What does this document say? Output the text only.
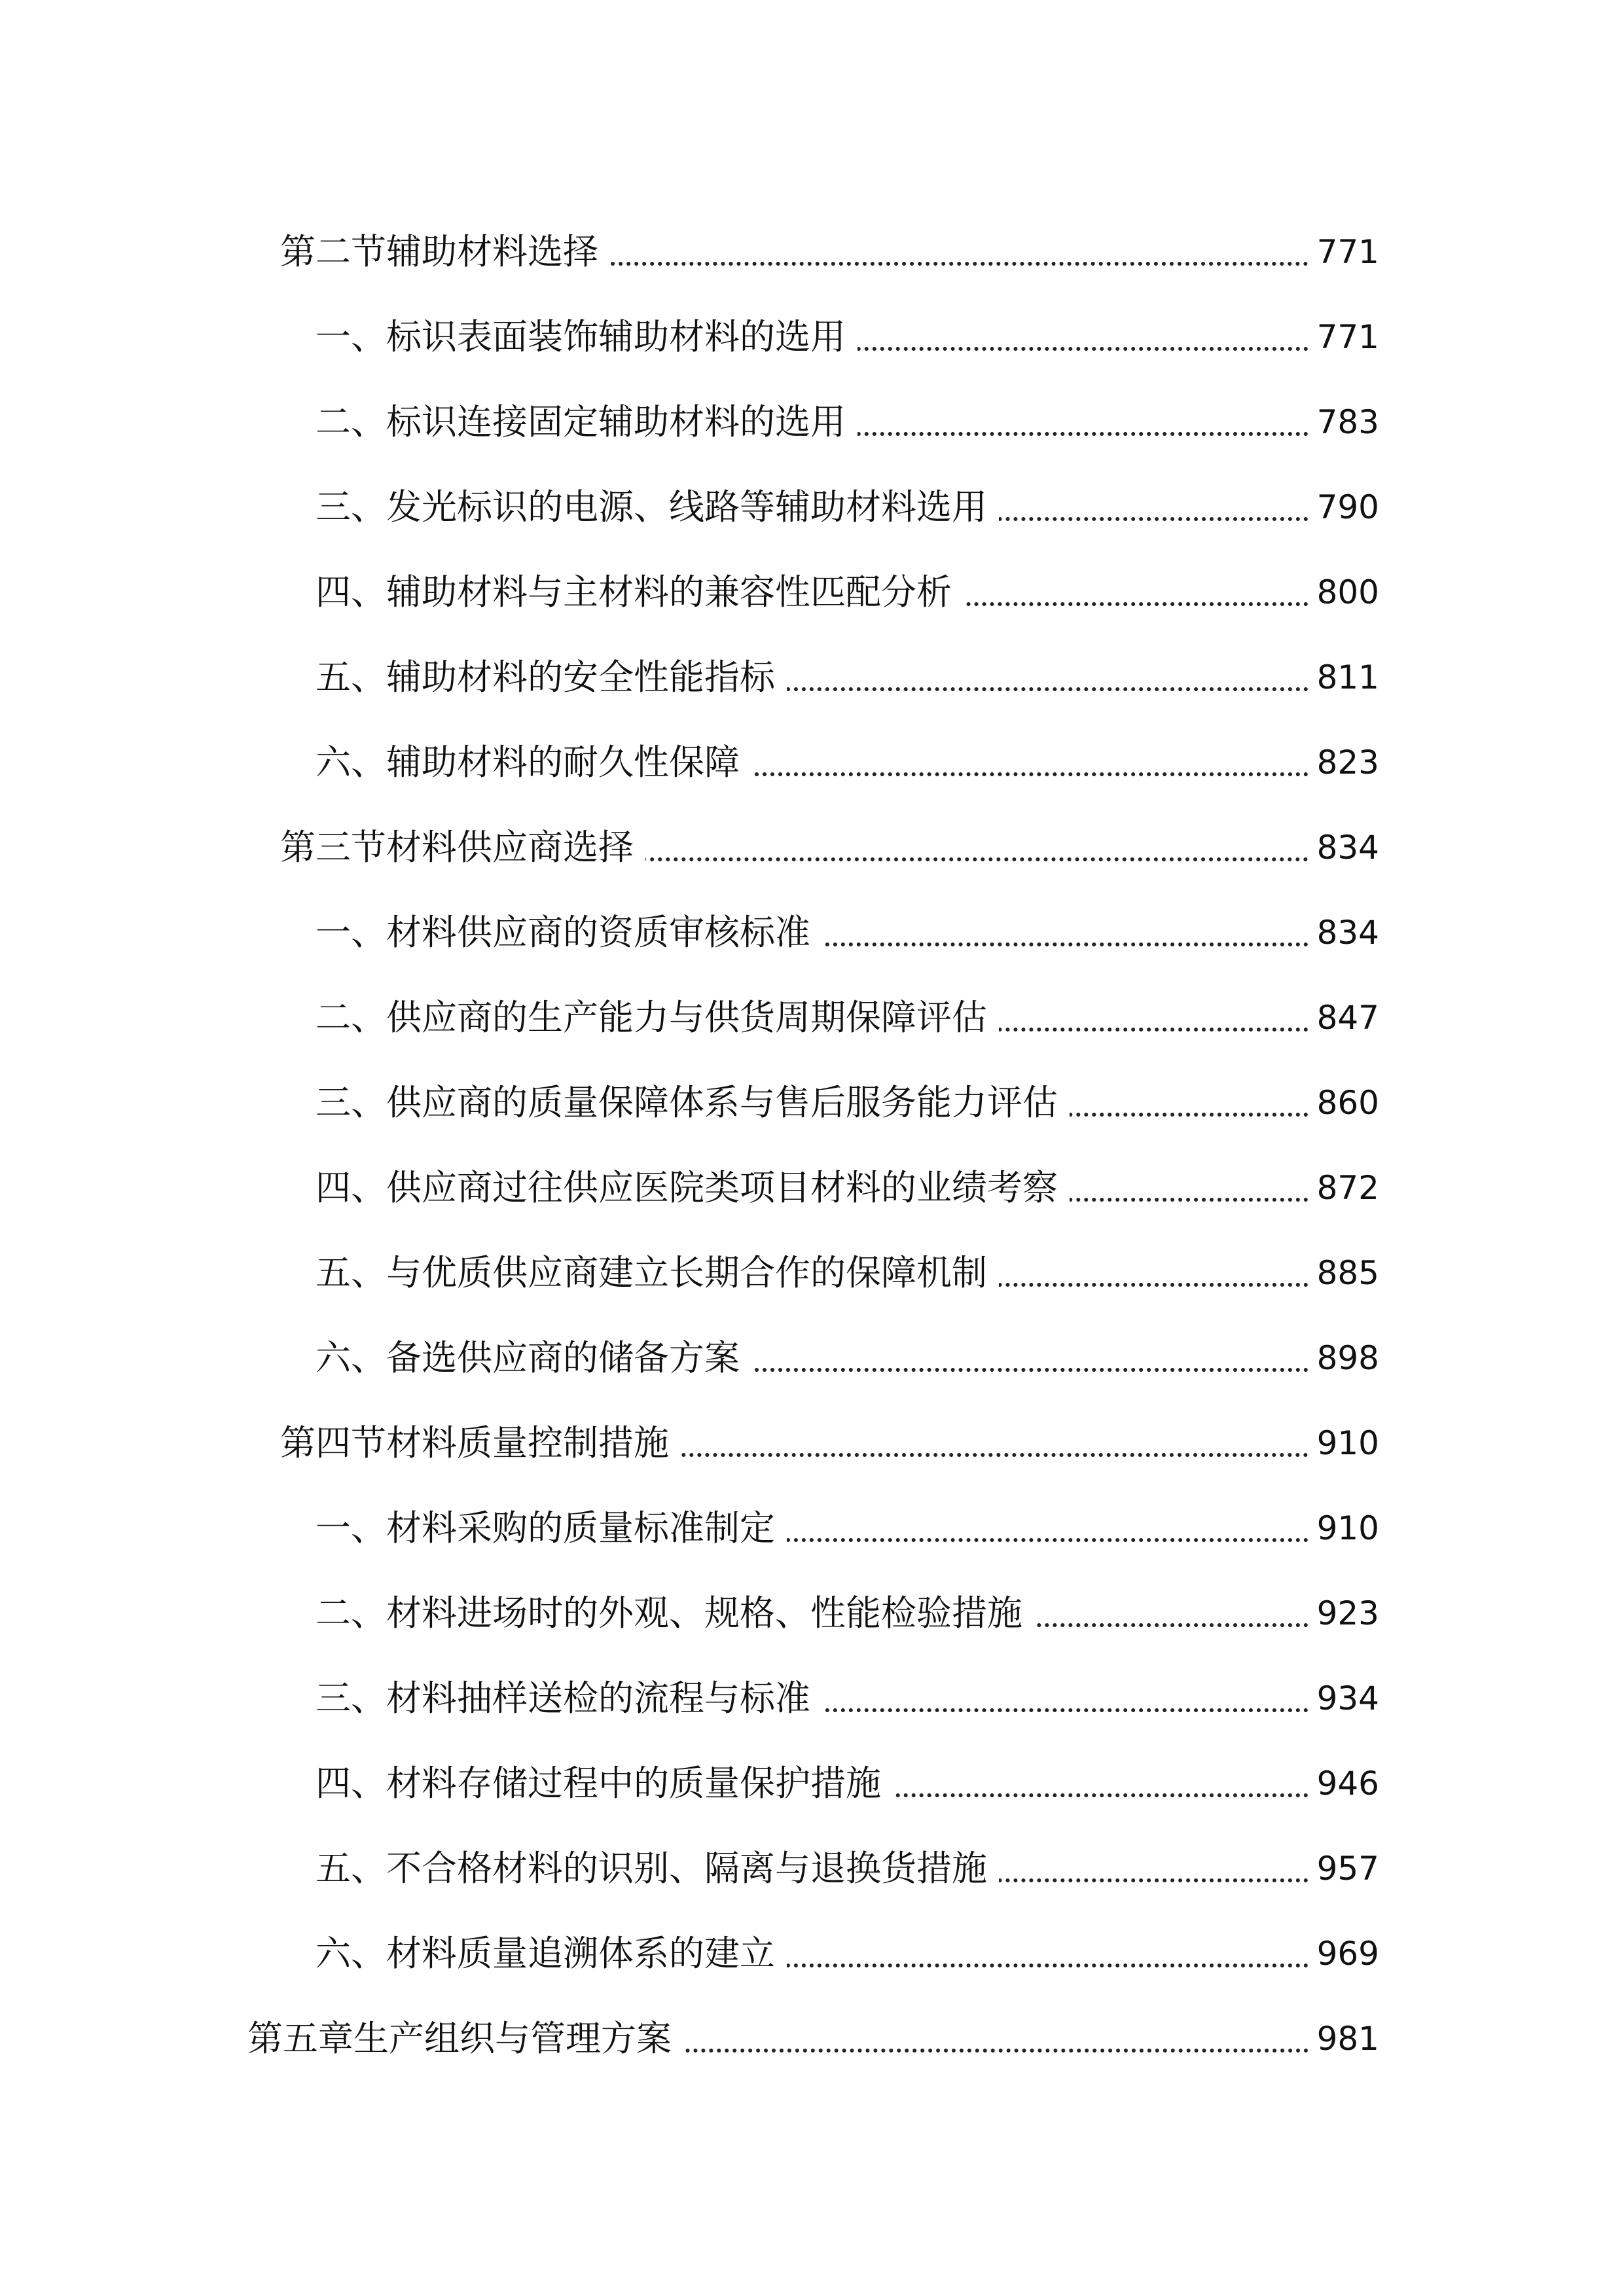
第二节辅助材料选择	771
一、标识表面装饰辅助材料的选用	771
二、标识连接固定辅助材料的选用	783
三、发光标识的电源、线路等辅助材料选用	790
四、辅助材料与主材料的兼容性匹配分析	800
五、辅助材料的安全性能指标	811
六、辅助材料的耐久性保障	823
第三节材料供应商选择	834
一、材料供应商的资质审核标准	834
二、供应商的生产能力与供货周期保障评估	847
三、供应商的质量保障体系与售后服务能力评估	860
四、供应商过往供应医院类项目材料的业绩考察	872
五、与优质供应商建立长期合作的保障机制	885
六、备选供应商的储备方案	898
第四节材料质量控制措施	910
一、材料采购的质量标准制定	910
二、材料进场时的外观、规格、性能检验措施	923
三、材料抽样送检的流程与标准	934
四、材料存储过程中的质量保护措施	946
五、不合格材料的识别、隔离与退换货措施	957
六、材料质量追溯体系的建立	969
第五章生产组织与管理方案	981
